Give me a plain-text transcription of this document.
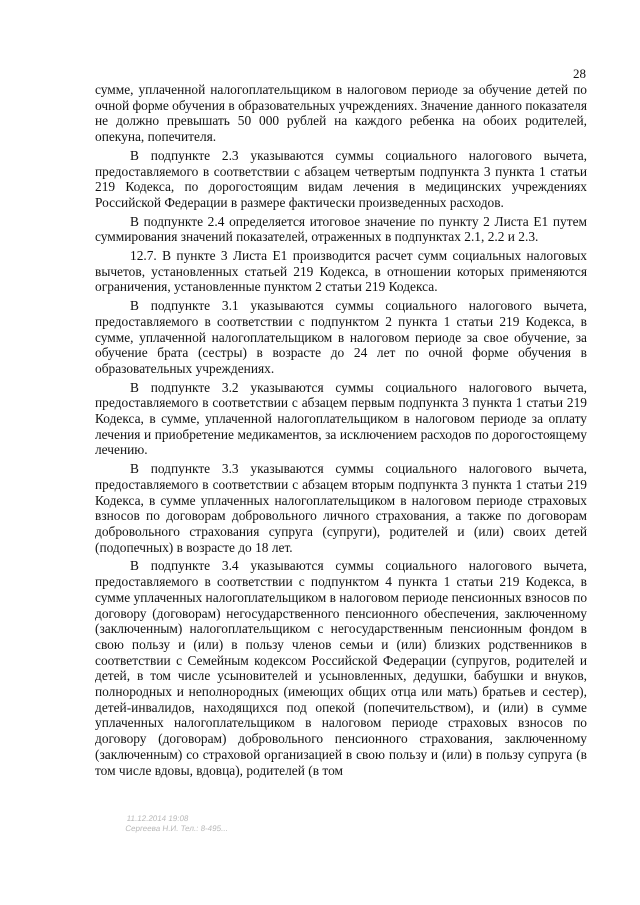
28

сумме, уплаченной налогоплательщиком в налоговом периоде за обучение детей по очной форме обучения в образовательных учреждениях. Значение данного показателя не должно превышать 50 000 рублей на каждого ребенка на обоих родителей, опекуна, попечителя.

В подпункте 2.3 указываются суммы социального налогового вычета, предоставляемого в соответствии с абзацем четвертым подпункта 3 пункта 1 статьи 219 Кодекса, по дорогостоящим видам лечения в медицинских учреждениях Российской Федерации в размере фактически произведенных расходов.

В подпункте 2.4 определяется итоговое значение по пункту 2 Листа Е1 путем суммирования значений показателей, отраженных в подпунктах 2.1, 2.2 и 2.3.

12.7. В пункте 3 Листа Е1 производится расчет сумм социальных налоговых вычетов, установленных статьей 219 Кодекса, в отношении которых применяются ограничения, установленные пунктом 2 статьи 219 Кодекса.

В подпункте 3.1 указываются суммы социального налогового вычета, предоставляемого в соответствии с подпунктом 2 пункта 1 статьи 219 Кодекса, в сумме, уплаченной налогоплательщиком в налоговом периоде за свое обучение, за обучение брата (сестры) в возрасте до 24 лет по очной форме обучения в образовательных учреждениях.

В подпункте 3.2 указываются суммы социального налогового вычета, предоставляемого в соответствии с абзацем первым подпункта 3 пункта 1 статьи 219 Кодекса, в сумме, уплаченной налогоплательщиком в налоговом периоде за оплату лечения и приобретение медикаментов, за исключением расходов по дорогостоящему лечению.

В подпункте 3.3 указываются суммы социального налогового вычета, предоставляемого в соответствии с абзацем вторым подпункта 3 пункта 1 статьи 219 Кодекса, в сумме уплаченных налогоплательщиком в налоговом периоде страховых взносов по договорам добровольного личного страхования, а также по договорам добровольного страхования супруга (супруги), родителей и (или) своих детей (подопечных) в возрасте до 18 лет.

В подпункте 3.4 указываются суммы социального налогового вычета, предоставляемого в соответствии с подпунктом 4 пункта 1 статьи 219 Кодекса, в сумме уплаченных налогоплательщиком в налоговом периоде пенсионных взносов по договору (договорам) негосударственного пенсионного обеспечения, заключенному (заключенным) налогоплательщиком с негосударственным пенсионным фондом в свою пользу и (или) в пользу членов семьи и (или) близких родственников в соответствии с Семейным кодексом Российской Федерации (супругов, родителей и детей, в том числе усыновителей и усыновленных, дедушки, бабушки и внуков, полнородных и неполнородных (имеющих общих отца или мать) братьев и сестер), детей-инвалидов, находящихся под опекой (попечительством), и (или) в сумме уплаченных налогоплательщиком в налоговом периоде страховых взносов по договору (договорам) добровольного пенсионного страхования, заключенному (заключенным) со страховой организацией в свою пользу и (или) в пользу супруга (в том числе вдовы, вдовца), родителей (в том

11.12.2014 19:08
Сергеева Н.И. Тел.: 8-495...
